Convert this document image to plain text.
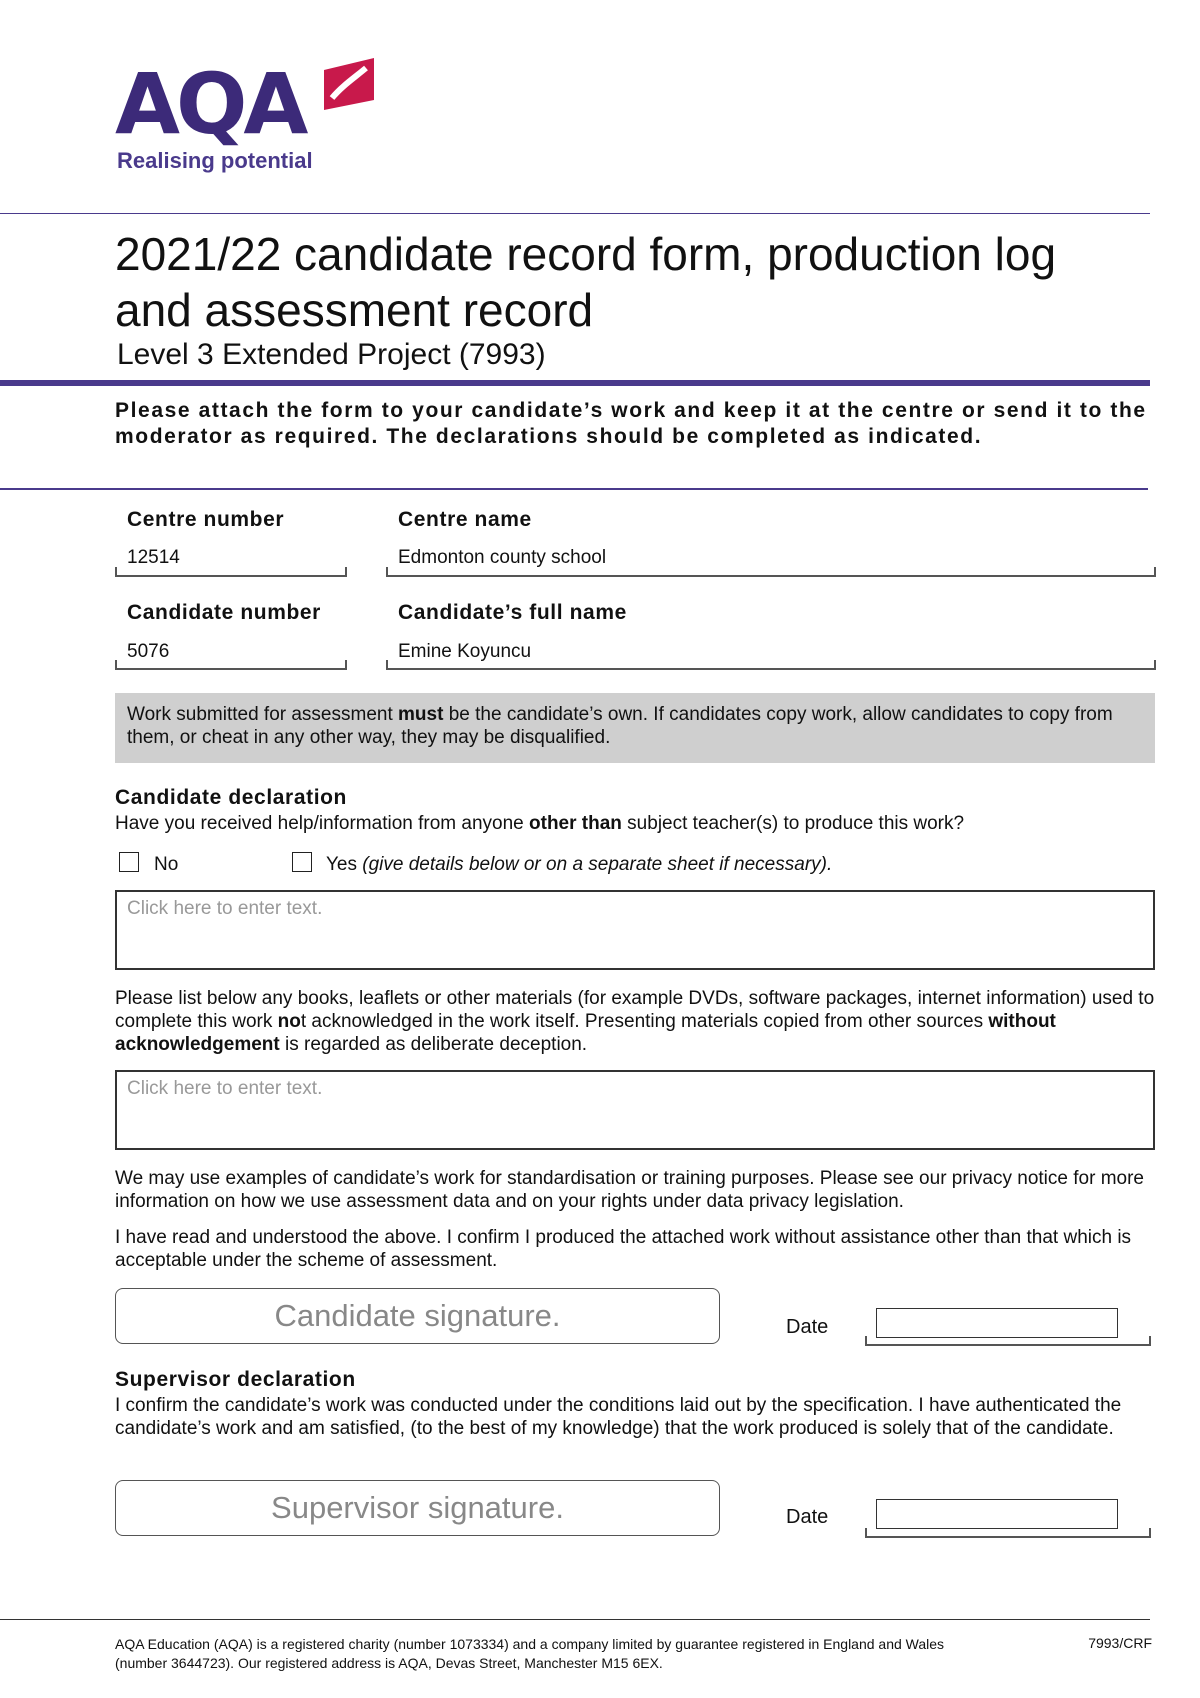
AQA
Realising potential
2021/22 candidate record form, production log
and assessment record
Level 3 Extended Project (7993)
Please attach the form to your candidate’s work and keep it at the centre or send it to the moderator as required. The declarations should be completed as indicated.
Centre number
12514
Centre name
Edmonton county school
Candidate number
5076
Candidate’s full name
Emine Koyuncu
Work submitted for assessment must be the candidate’s own. If candidates copy work, allow candidates to copy from them, or cheat in any other way, they may be disqualified.
Candidate declaration
Have you received help/information from anyone other than subject teacher(s) to produce this work?
No	Yes (give details below or on a separate sheet if necessary).
Click here to enter text.
Please list below any books, leaflets or other materials (for example DVDs, software packages, internet information) used to complete this work not acknowledged in the work itself. Presenting materials copied from other sources without acknowledgement is regarded as deliberate deception.
Click here to enter text.
We may use examples of candidate’s work for standardisation or training purposes. Please see our privacy notice for more information on how we use assessment data and on your rights under data privacy legislation.
I have read and understood the above. I confirm I produced the attached work without assistance other than that which is acceptable under the scheme of assessment.
Candidate signature.	Date
Supervisor declaration
I confirm the candidate’s work was conducted under the conditions laid out by the specification. I have authenticated the candidate’s work and am satisfied, (to the best of my knowledge) that the work produced is solely that of the candidate.
Supervisor signature.	Date
AQA Education (AQA) is a registered charity (number 1073334) and a company limited by guarantee registered in England and Wales (number 3644723). Our registered address is AQA, Devas Street, Manchester M15 6EX.
7993/CRF
